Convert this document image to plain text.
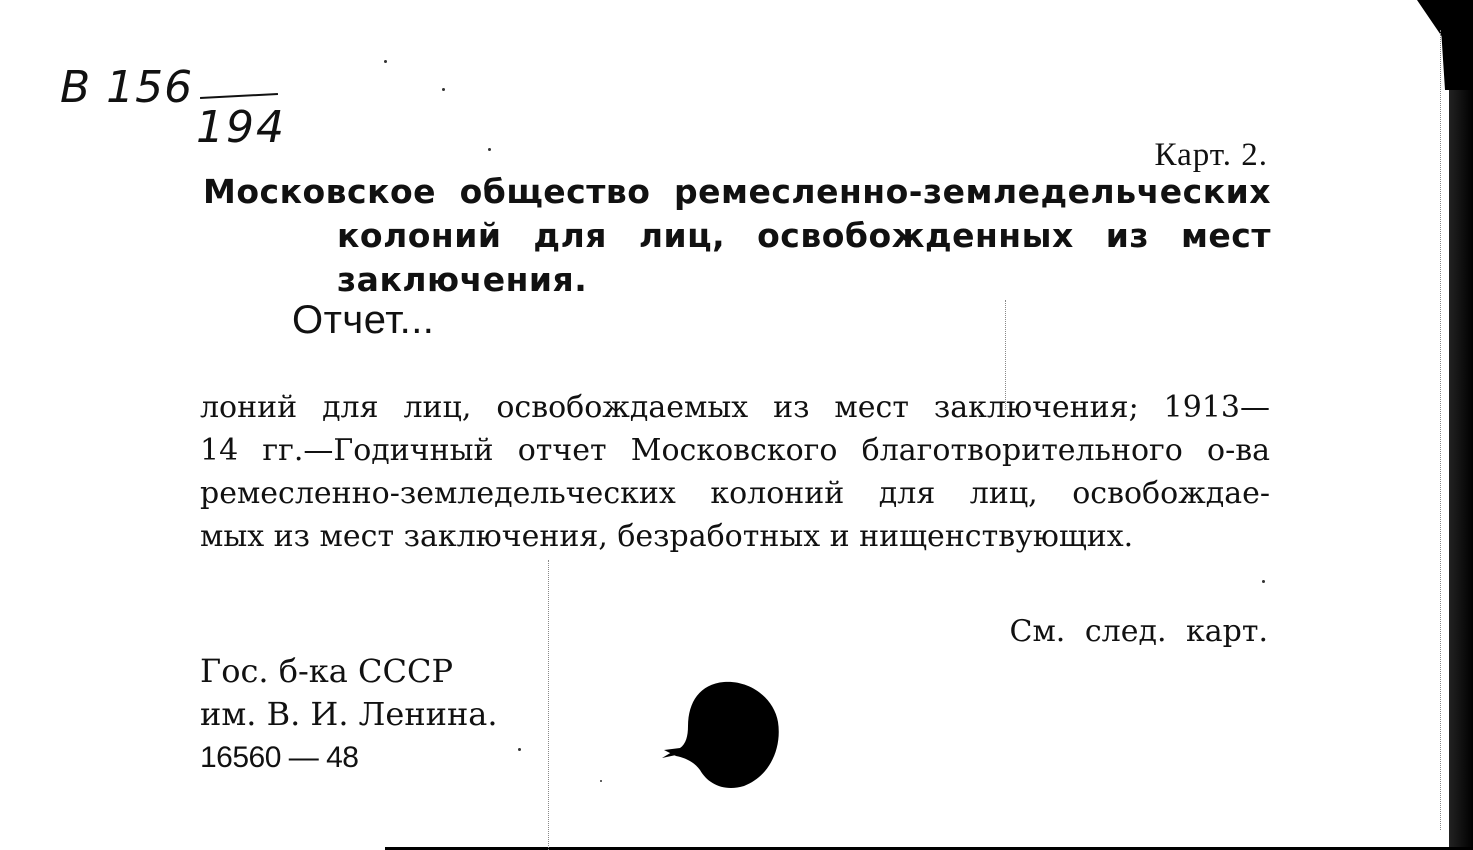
В 156
194
Карт. 2.
Московское общество ремесленно-земледельческих
колоний для лиц, освобожденных из мест
заключения.
Отчет...

лоний для лиц, освобождаемых из мест заключения; 1913—
14 гг.—Годичный отчет Московского благотворительного о-ва
ремесленно-земледельческих колоний для лиц, освобождае-
мых из мест заключения, безработных и нищенствующих.

См. след. карт.

Гос. б-ка СССР
им. В. И. Ленина.
16560 — 48
